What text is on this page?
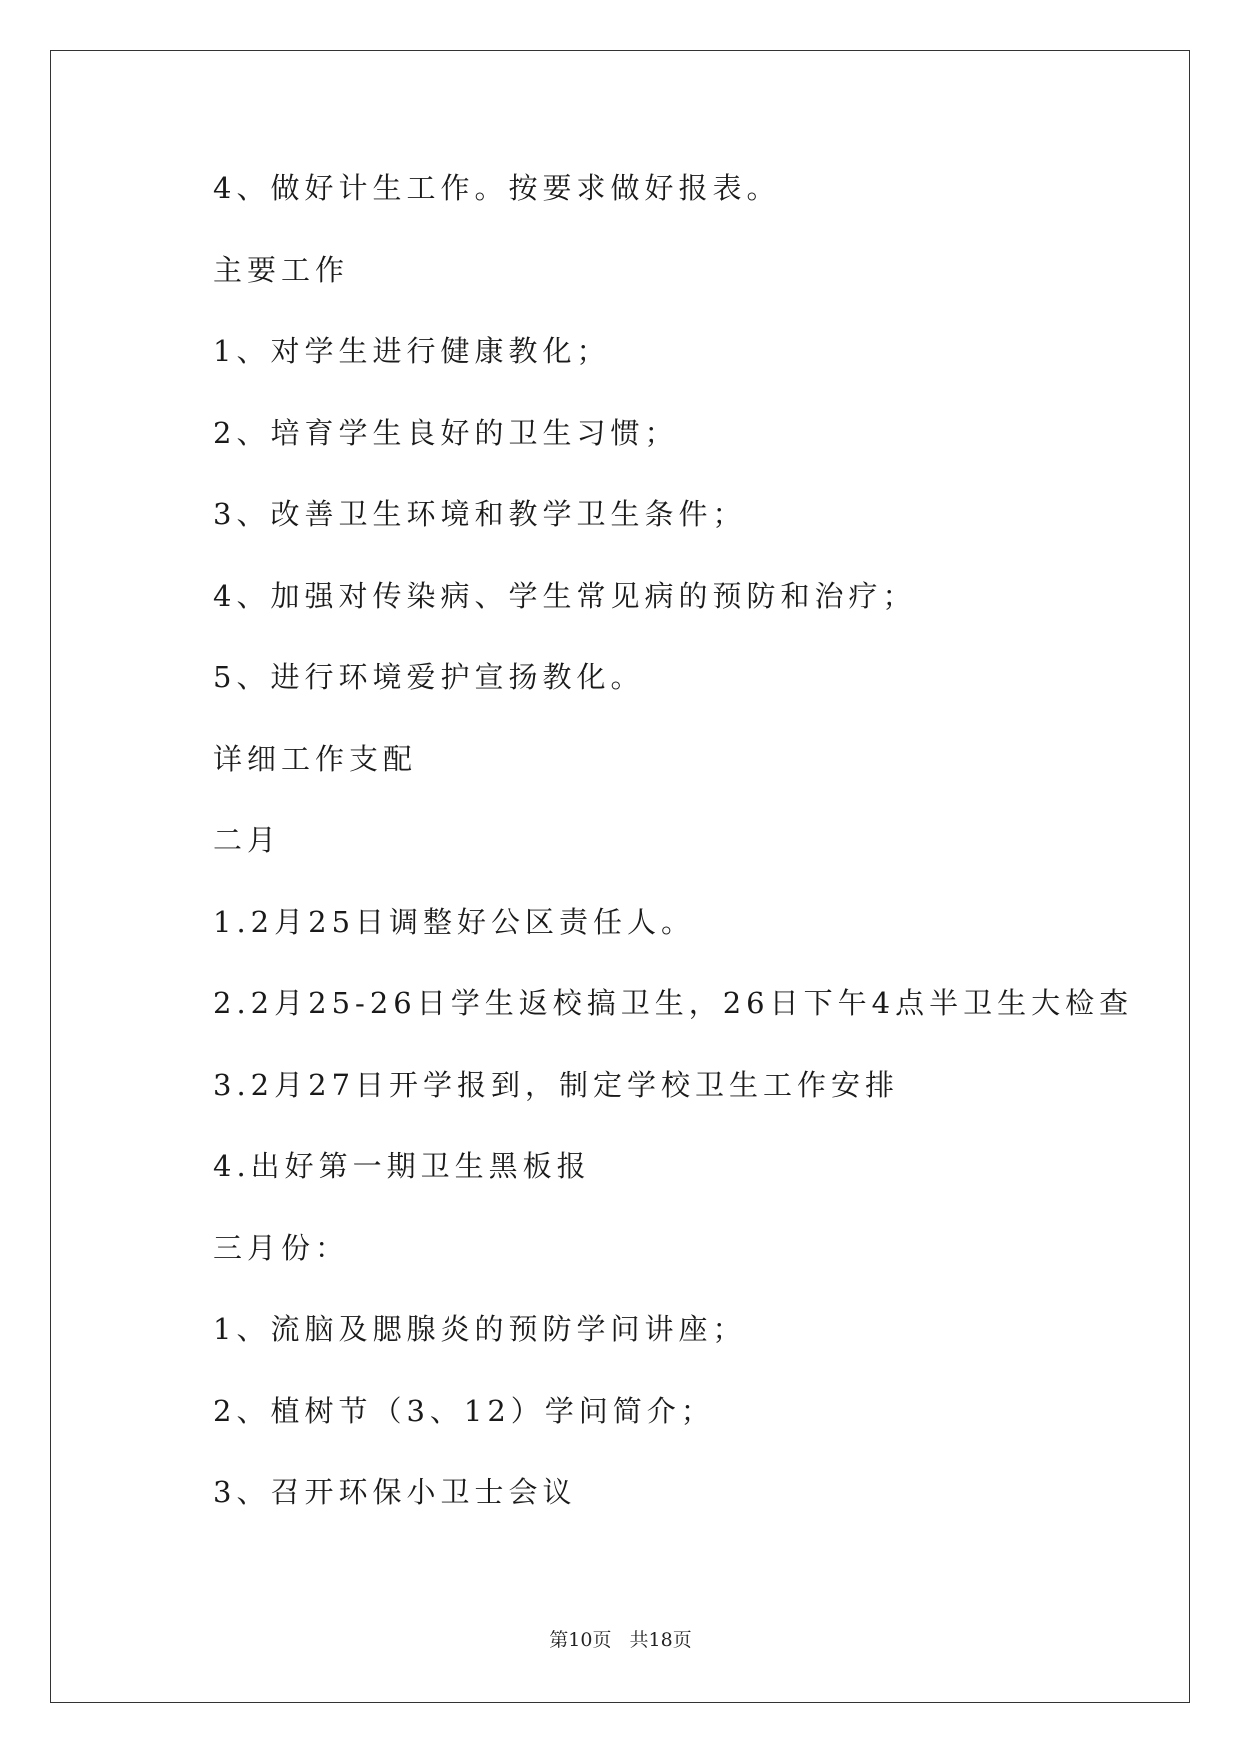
4、做好计生工作。按要求做好报表。
主要工作
1、对学生进行健康教化；
2、培育学生良好的卫生习惯；
3、改善卫生环境和教学卫生条件；
4、加强对传染病、学生常见病的预防和治疗；
5、进行环境爱护宣扬教化。
详细工作支配
二月
1.2月25日调整好公区责任人。
2.2月25-26日学生返校搞卫生，26日下午4点半卫生大检查
3.2月27日开学报到，制定学校卫生工作安排
4.出好第一期卫生黑板报
三月份：
1、流脑及腮腺炎的预防学问讲座；
2、植树节（3、12）学问简介；
3、召开环保小卫士会议
第10页 共18页
